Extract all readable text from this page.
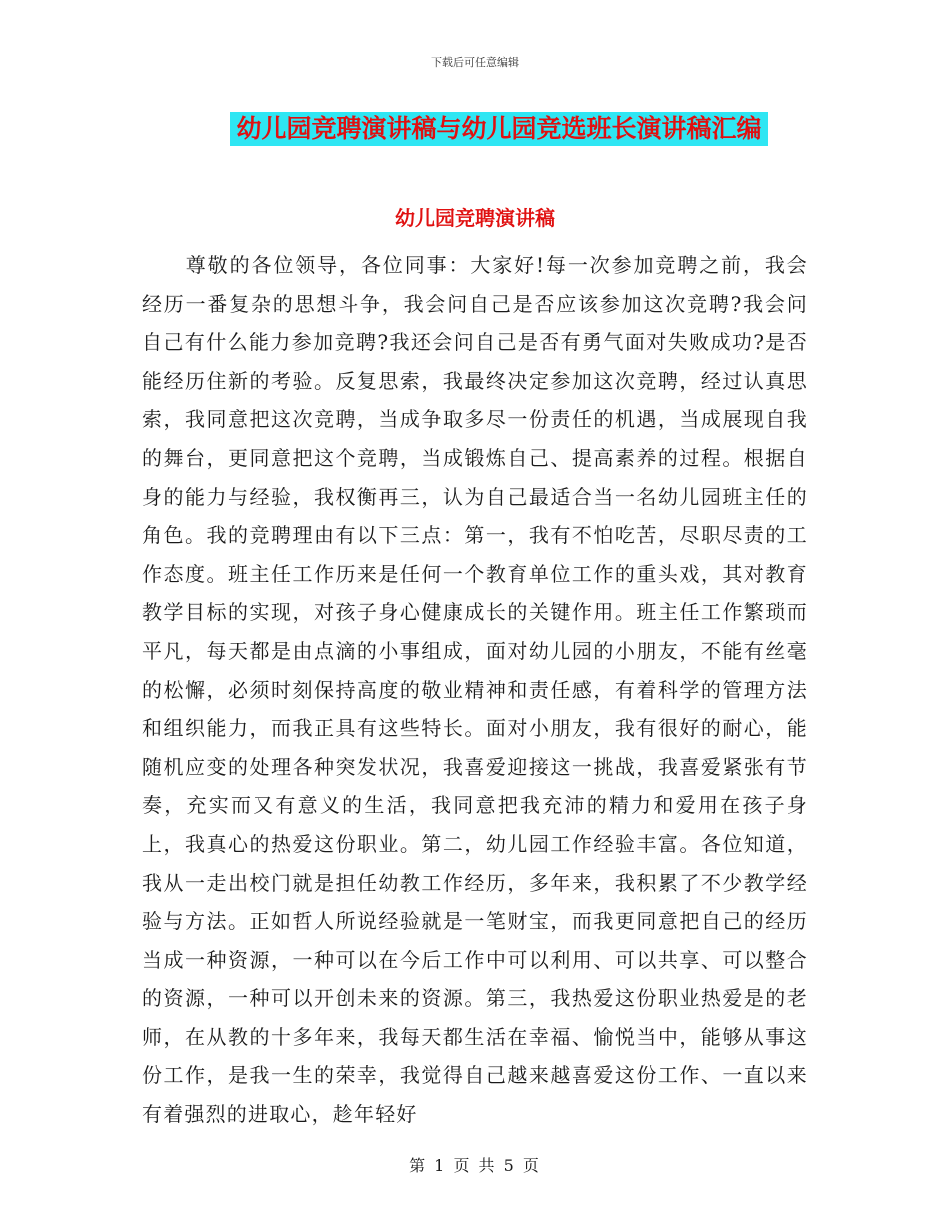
下载后可任意编辑
幼儿园竞聘演讲稿与幼儿园竞选班长演讲稿汇编
幼儿园竞聘演讲稿

　　尊敬的各位领导，各位同事：大家好!每一次参加竞聘之前，我会经历一番复杂的思想斗争，我会问自己是否应该参加这次竞聘?我会问自己有什么能力参加竞聘?我还会问自己是否有勇气面对失败成功?是否能经历住新的考验。反复思索，我最终决定参加这次竞聘，经过认真思索，我同意把这次竞聘，当成争取多尽一份责任的机遇，当成展现自我的舞台，更同意把这个竞聘，当成锻炼自己、提高素养的过程。根据自身的能力与经验，我权衡再三，认为自己最适合当一名幼儿园班主任的角色。我的竞聘理由有以下三点：第一，我有不怕吃苦，尽职尽责的工作态度。班主任工作历来是任何一个教育单位工作的重头戏，其对教育教学目标的实现，对孩子身心健康成长的关键作用。班主任工作繁琐而平凡，每天都是由点滴的小事组成，面对幼儿园的小朋友，不能有丝毫的松懈，必须时刻保持高度的敬业精神和责任感，有着科学的管理方法和组织能力，而我正具有这些特长。面对小朋友，我有很好的耐心，能随机应变的处理各种突发状况，我喜爱迎接这一挑战，我喜爱紧张有节奏，充实而又有意义的生活，我同意把我充沛的精力和爱用在孩子身上，我真心的热爱这份职业。第二，幼儿园工作经验丰富。各位知道，我从一走出校门就是担任幼教工作经历，多年来，我积累了不少教学经验与方法。正如哲人所说经验就是一笔财宝，而我更同意把自己的经历当成一种资源，一种可以在今后工作中可以利用、可以共享、可以整合的资源，一种可以开创未来的资源。第三，我热爱这份职业热爱是的老师，在从教的十多年来，我每天都生活在幸福、愉悦当中，能够从事这份工作，是我一生的荣幸，我觉得自己越来越喜爱这份工作、一直以来有着强烈的进取心，趁年轻好

第 1 页 共 5 页
